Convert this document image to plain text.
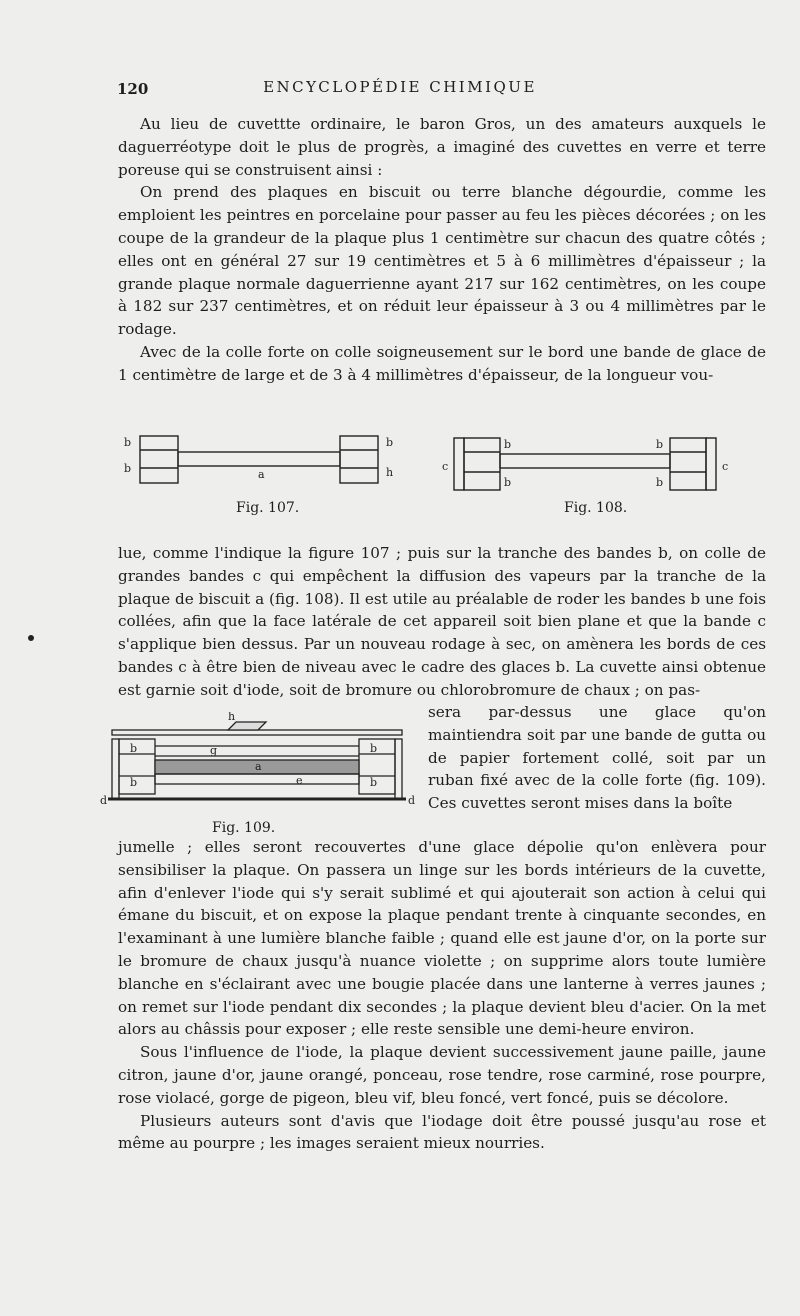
120	ENCYCLOPÉDIE CHIMIQUE

Au lieu de cuvettte ordinaire, le baron Gros, un des amateurs auxquels le daguerréotype doit le plus de progrès, a imaginé des cuvettes en verre et terre poreuse qui se construisent ainsi :

On prend des plaques en biscuit ou terre blanche dégourdie, comme les emploient les peintres en porcelaine pour passer au feu les pièces décorées ; on les coupe de la grandeur de la plaque plus 1 centimètre sur chacun des quatre côtés ; elles ont en général 27 sur 19 centimètres et 5 à 6 millimètres d'épaisseur ; la grande plaque normale daguerrienne ayant 217 sur 162 centimètres, on les coupe à 182 sur 237 centimètres, et on réduit leur épaisseur à 3 ou 4 millimètres par le rodage.

Avec de la colle forte on colle soigneusement sur le bord une bande de glace de 1 centimètre de large et de 3 à 4 millimètres d'épaisseur, de la longueur vou-

b
b	a
b
h
Fig. 107.
c
b
b
b
b
c
Fig. 108.

lue, comme l'indique la figure 107 ; puis sur la tranche des bandes b, on colle de grandes bandes c qui empêchent la diffusion des vapeurs par la tranche de la plaque de biscuit a (fig. 108). Il est utile au préalable de roder les bandes b une fois collées, afin que la face latérale de cet appareil soit bien plane et que la bande c s'applique bien dessus. Par un nouveau rodage à sec, on amènera les bords de ces bandes c à être bien de niveau avec le cadre des glaces b. La cuvette ainsi obtenue est garnie soit d'iode, soit de bromure ou chlorobromure de chaux ; on pas-

h
b	b
b	b
g
a
e
d	d
Fig. 109.

sera par-dessus une glace qu'on maintiendra soit par une bande de gutta ou de papier fortement collé, soit par un ruban fixé avec de la colle forte (fig. 109). Ces cuvettes seront mises dans la boîte

jumelle ; elles seront recouvertes d'une glace dépolie qu'on enlèvera pour sensibiliser la plaque. On passera un linge sur les bords intérieurs de la cuvette, afin d'enlever l'iode qui s'y serait sublimé et qui ajouterait son action à celui qui émane du biscuit, et on expose la plaque pendant trente à cinquante secondes, en l'examinant à une lumière blanche faible ; quand elle est jaune d'or, on la porte sur le bromure de chaux jusqu'à nuance violette ; on supprime alors toute lumière blanche en s'éclairant avec une bougie placée dans une lanterne à verres jaunes ; on remet sur l'iode pendant dix secondes ; la plaque devient bleu d'acier. On la met alors au châssis pour exposer ; elle reste sensible une demi-heure environ.

Sous l'influence de l'iode, la plaque devient successivement jaune paille, jaune citron, jaune d'or, jaune orangé, ponceau, rose tendre, rose carminé, rose pourpre, rose violacé, gorge de pigeon, bleu vif, bleu foncé, vert foncé, puis se décolore.

Plusieurs auteurs sont d'avis que l'iodage doit être poussé jusqu'au rose et même au pourpre ; les images seraient mieux nourries.
